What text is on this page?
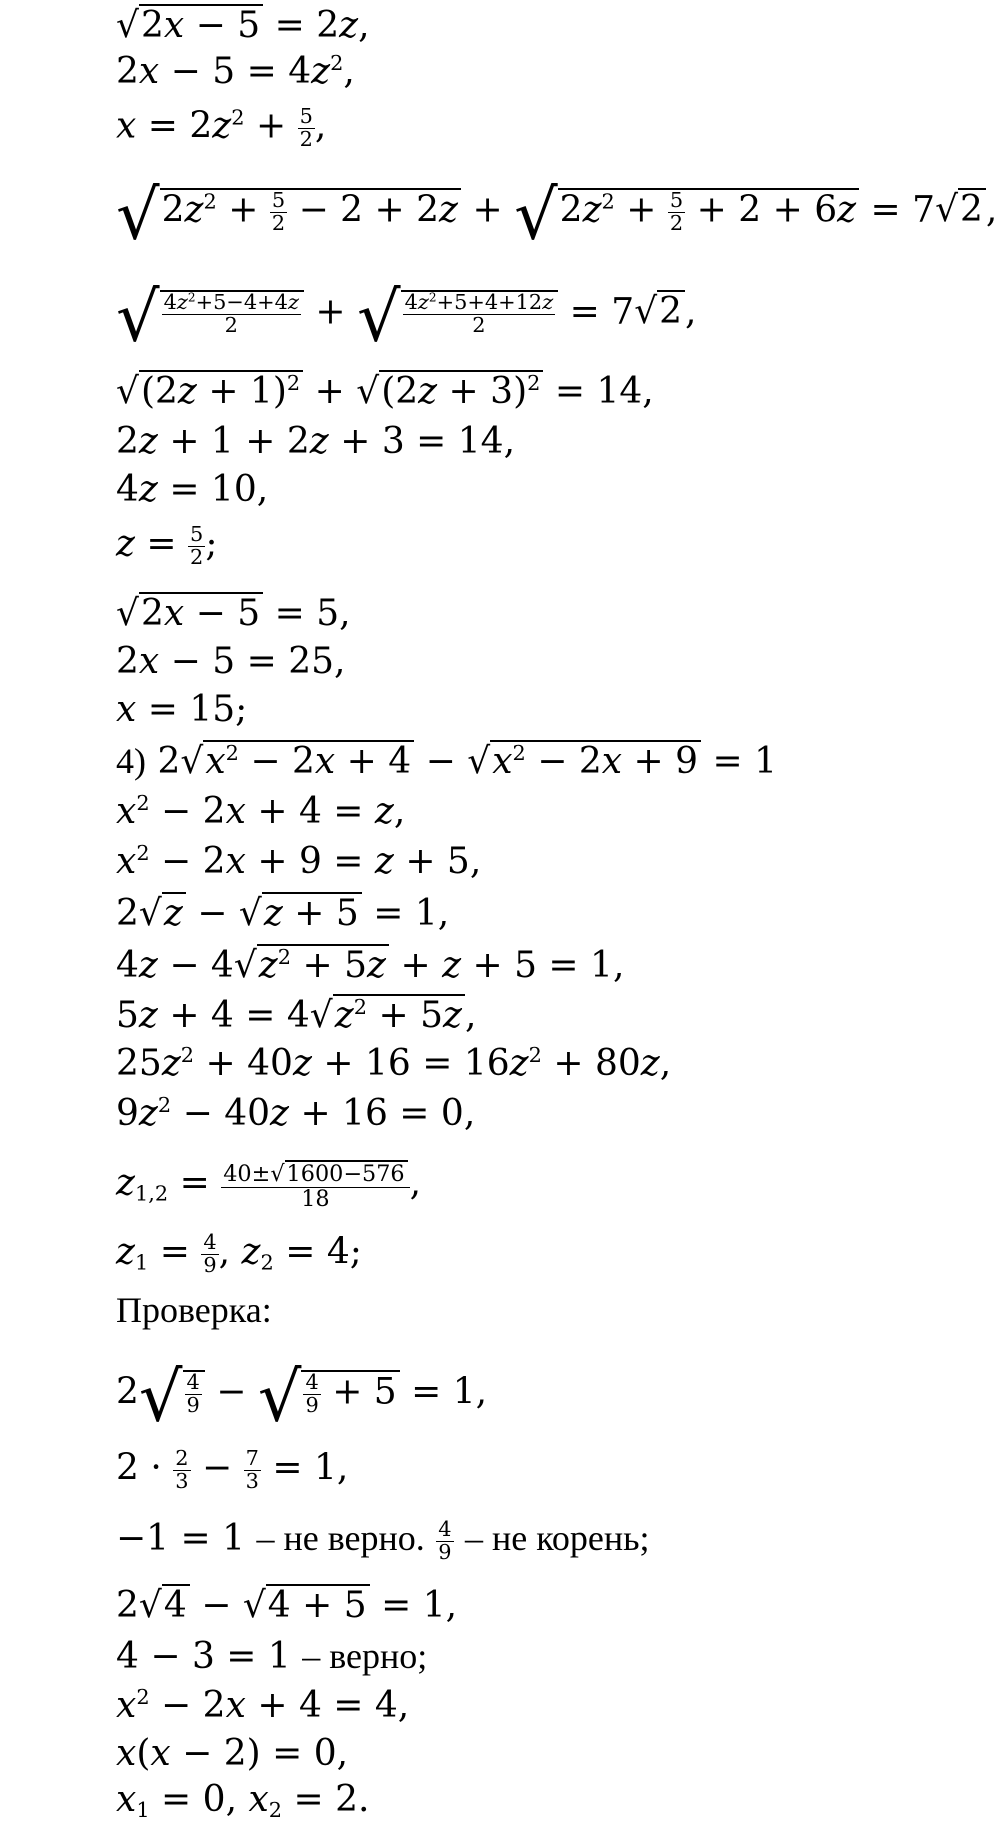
√2x − 5 = 2z,
$2x - 5 = 4z^2$,
$x = 2z^2 + \frac{5}{2}$ ,
$√2z^2 + \frac{5}{2} - 2 + 2z + √2z^2 + \frac{5}{2} + 2 + 6z = 7√2$,
√ $\frac{4z^2+5-4+4z}{2}$ + √ $\frac{4z^2+5+4+12z}{2} = 7√2$,
$√(2z + 1)^2 + √(2z + 3)^2 = 14$,
2z + 1 + 2z + 3 = 14,
4z = 10,
$z = \frac{5}{2}$ ;
√2x − 5 = 5,
2x − 5 = 25,
x = 15;
4) $2√x^2 - 2x + 4 - √x^2 - 2x + 9 = 1$
$x^2 - 2x + 4 = z$,
$x^2 - 2x + 9 = z + 5$,
2√z − √z + 5 = 1,
$4z - 4√z^2 + 5z + z + 5 = 1$,
$5z + 4 = 4√z^2 + 5z$,
$25z^2 + 40z + 16 = 16z^2 + 80z$,
$9z^2 - 40z + 16 = 0$,
$z_{1,2} = \frac{40\pm√1600-576}{18}$ ,
$z_1 = \frac{4}{9}$ , $z_2 = 4$;
Проверка:
$2√ \frac{4}{9}$ − √ $\frac{4}{9} + 5 = 1$,
$2 \cdot \frac{2}{3} - \frac{7}{3} = 1$,
−1 = 1 – не верно. $\frac{4}{9}$ – не корень;
2√4 − √4 + 5 = 1,
4 − 3 = 1 – верно;
$x^2 - 2x + 4 = 4$,
x(x − 2) = 0,
$x_1 = 0$, $x_2 = 2$.
